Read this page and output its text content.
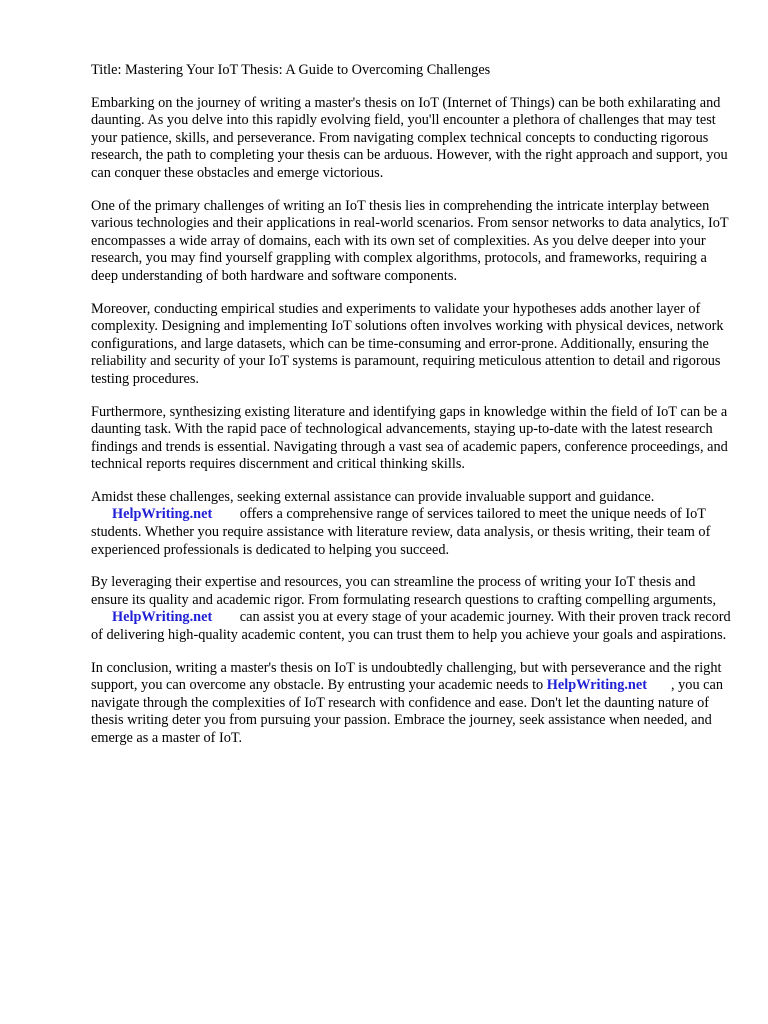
Title: Mastering Your IoT Thesis: A Guide to Overcoming Challenges

Embarking on the journey of writing a master's thesis on IoT (Internet of Things) can be both exhilarating and daunting. As you delve into this rapidly evolving field, you'll encounter a plethora of challenges that may test your patience, skills, and perseverance. From navigating complex technical concepts to conducting rigorous research, the path to completing your thesis can be arduous. However, with the right approach and support, you can conquer these obstacles and emerge victorious.

One of the primary challenges of writing an IoT thesis lies in comprehending the intricate interplay between various technologies and their applications in real-world scenarios. From sensor networks to data analytics, IoT encompasses a wide array of domains, each with its own set of complexities. As you delve deeper into your research, you may find yourself grappling with complex algorithms, protocols, and frameworks, requiring a deep understanding of both hardware and software components.

Moreover, conducting empirical studies and experiments to validate your hypotheses adds another layer of complexity. Designing and implementing IoT solutions often involves working with physical devices, network configurations, and large datasets, which can be time-consuming and error-prone. Additionally, ensuring the reliability and security of your IoT systems is paramount, requiring meticulous attention to detail and rigorous testing procedures.

Furthermore, synthesizing existing literature and identifying gaps in knowledge within the field of IoT can be a daunting task. With the rapid pace of technological advancements, staying up-to-date with the latest research findings and trends is essential. Navigating through a vast sea of academic papers, conference proceedings, and technical reports requires discernment and critical thinking skills.

Amidst these challenges, seeking external assistance can provide invaluable support and guidance.
HelpWriting.net offers a comprehensive range of services tailored to meet the unique needs of IoT students. Whether you require assistance with literature review, data analysis, or thesis writing, their team of experienced professionals is dedicated to helping you succeed.

By leveraging their expertise and resources, you can streamline the process of writing your IoT thesis and ensure its quality and academic rigor. From formulating research questions to crafting compelling arguments, HelpWriting.net can assist you at every stage of your academic journey. With their proven track record of delivering high-quality academic content, you can trust them to help you achieve your goals and aspirations.

In conclusion, writing a master's thesis on IoT is undoubtedly challenging, but with perseverance and the right support, you can overcome any obstacle. By entrusting your academic needs to HelpWriting.net , you can navigate through the complexities of IoT research with confidence and ease. Don't let the daunting nature of thesis writing deter you from pursuing your passion. Embrace the journey, seek assistance when needed, and emerge as a master of IoT.
